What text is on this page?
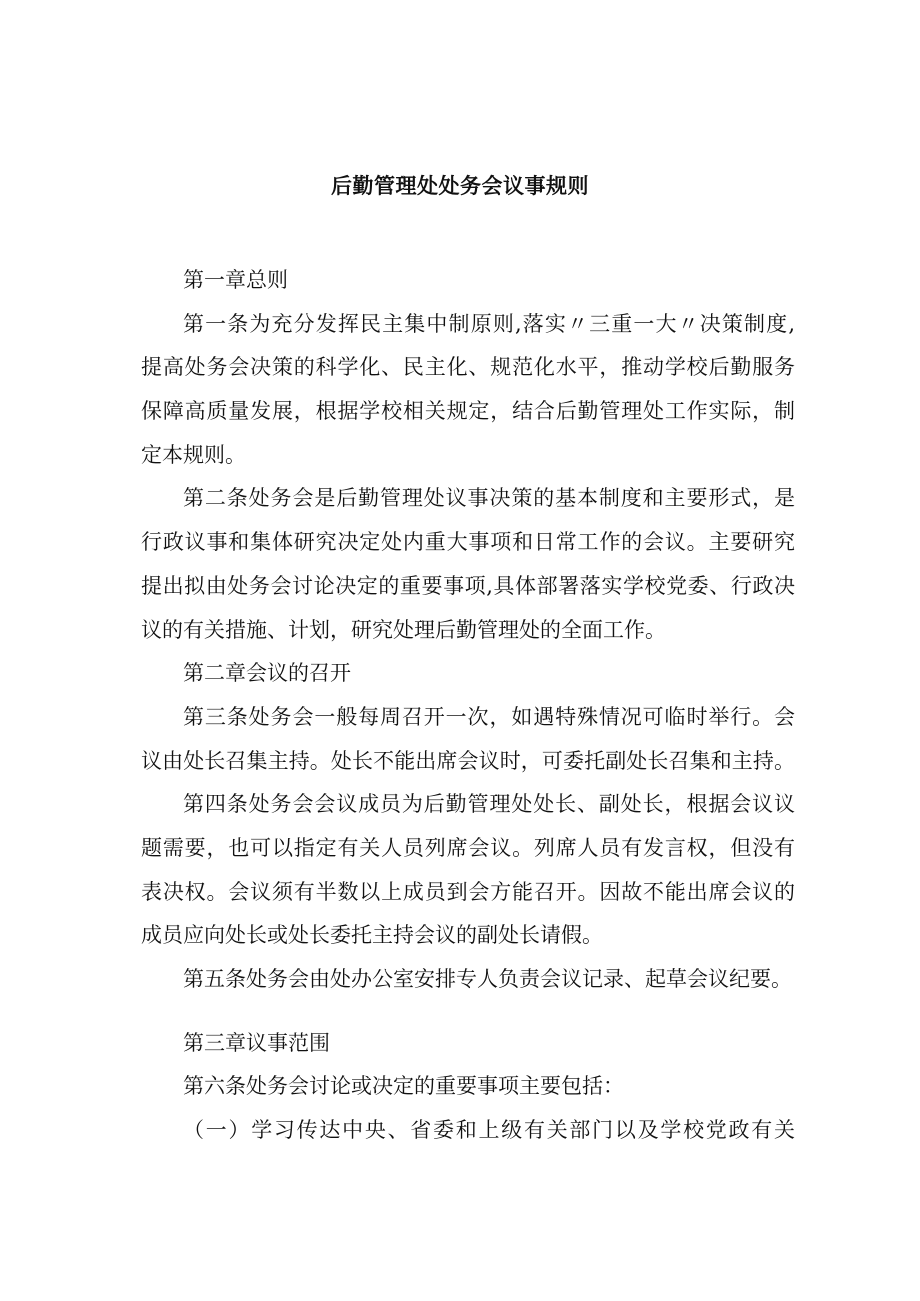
后勤管理处处务会议事规则
第一章总则
第一条为充分发挥民主集中制原则,落实〃三重一大〃决策制度,
提高处务会决策的科学化、民主化、规范化水平，推动学校后勤服务
保障高质量发展，根据学校相关规定，结合后勤管理处工作实际，制
定本规则。
第二条处务会是后勤管理处议事决策的基本制度和主要形式，是
行政议事和集体研究决定处内重大事项和日常工作的会议。主要研究
提出拟由处务会讨论决定的重要事项,具体部署落实学校党委、行政决
议的有关措施、计划，研究处理后勤管理处的全面工作。
第二章会议的召开
第三条处务会一般每周召开一次，如遇特殊情况可临时举行。会
议由处长召集主持。处长不能出席会议时，可委托副处长召集和主持。
第四条处务会会议成员为后勤管理处处长、副处长，根据会议议
题需要，也可以指定有关人员列席会议。列席人员有发言权，但没有
表决权。会议须有半数以上成员到会方能召开。因故不能出席会议的
成员应向处长或处长委托主持会议的副处长请假。
第五条处务会由处办公室安排专人负责会议记录、起草会议纪要。
第三章议事范围
第六条处务会讨论或决定的重要事项主要包括：
（一）学习传达中央、省委和上级有关部门以及学校党政有关
